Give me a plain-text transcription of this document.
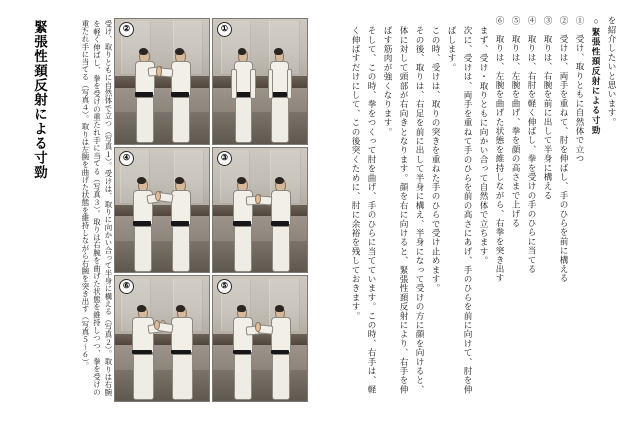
緊張性頚反射による寸勁	受け、取りともに自然体で立つ（写真１）。受けは、取りに向かい合って半身に構える（写真２）。取りは右腕を軽く伸ばし、拳を受けの重たれ手に当てる（写真３）。取りは右腕を曲げた状態を維持しつつ、拳を受けの重たれ手に当てる（写真４）。取りは左腕を曲げた状態を維持しながら右腕を突き出す（写真５〜６）。	②	①
④	③
⑥	⑤
を紹介したいと思います。
○緊張性頚反射による寸勁
①　受け、取りともに自然体で立つ
②　受けは、両手を重ねて、肘を伸ばし、手のひらを前に構える
③　取りは、右腕を前に出して半身に構える
④　取りは、右肘を軽く伸ばし、拳を受けの手のひらに当てる
⑤　取りは、左腕を曲げ、拳を顔の高さまで上げる
⑥　取りは、左腕を曲げた状態を維持しながら、右拳を突き出す
まず、受け・取りともに向かい合って自然体で立ちます。
次に、受けは、両手を重ねて手のひらを前の高さにあげ、手のひらを前に向けて、肘を伸ばします。
この時、受けは、取りの突きを重ねた手のひらで受け止めます。
その後、取りは、右足を前に出して半身に構え、半身になって受けの方に顔を向けると、体に対して頭部が右向きとなります。顔を右に向けると、緊張性頚反射により、右手を伸ばす筋肉が強くなります。
そして、この時、拳をつくって肘を曲げ、手のひらに当てています。この時、右手は、軽く伸ばすだけにして、この後突くために、肘に余裕を残しておきます。
